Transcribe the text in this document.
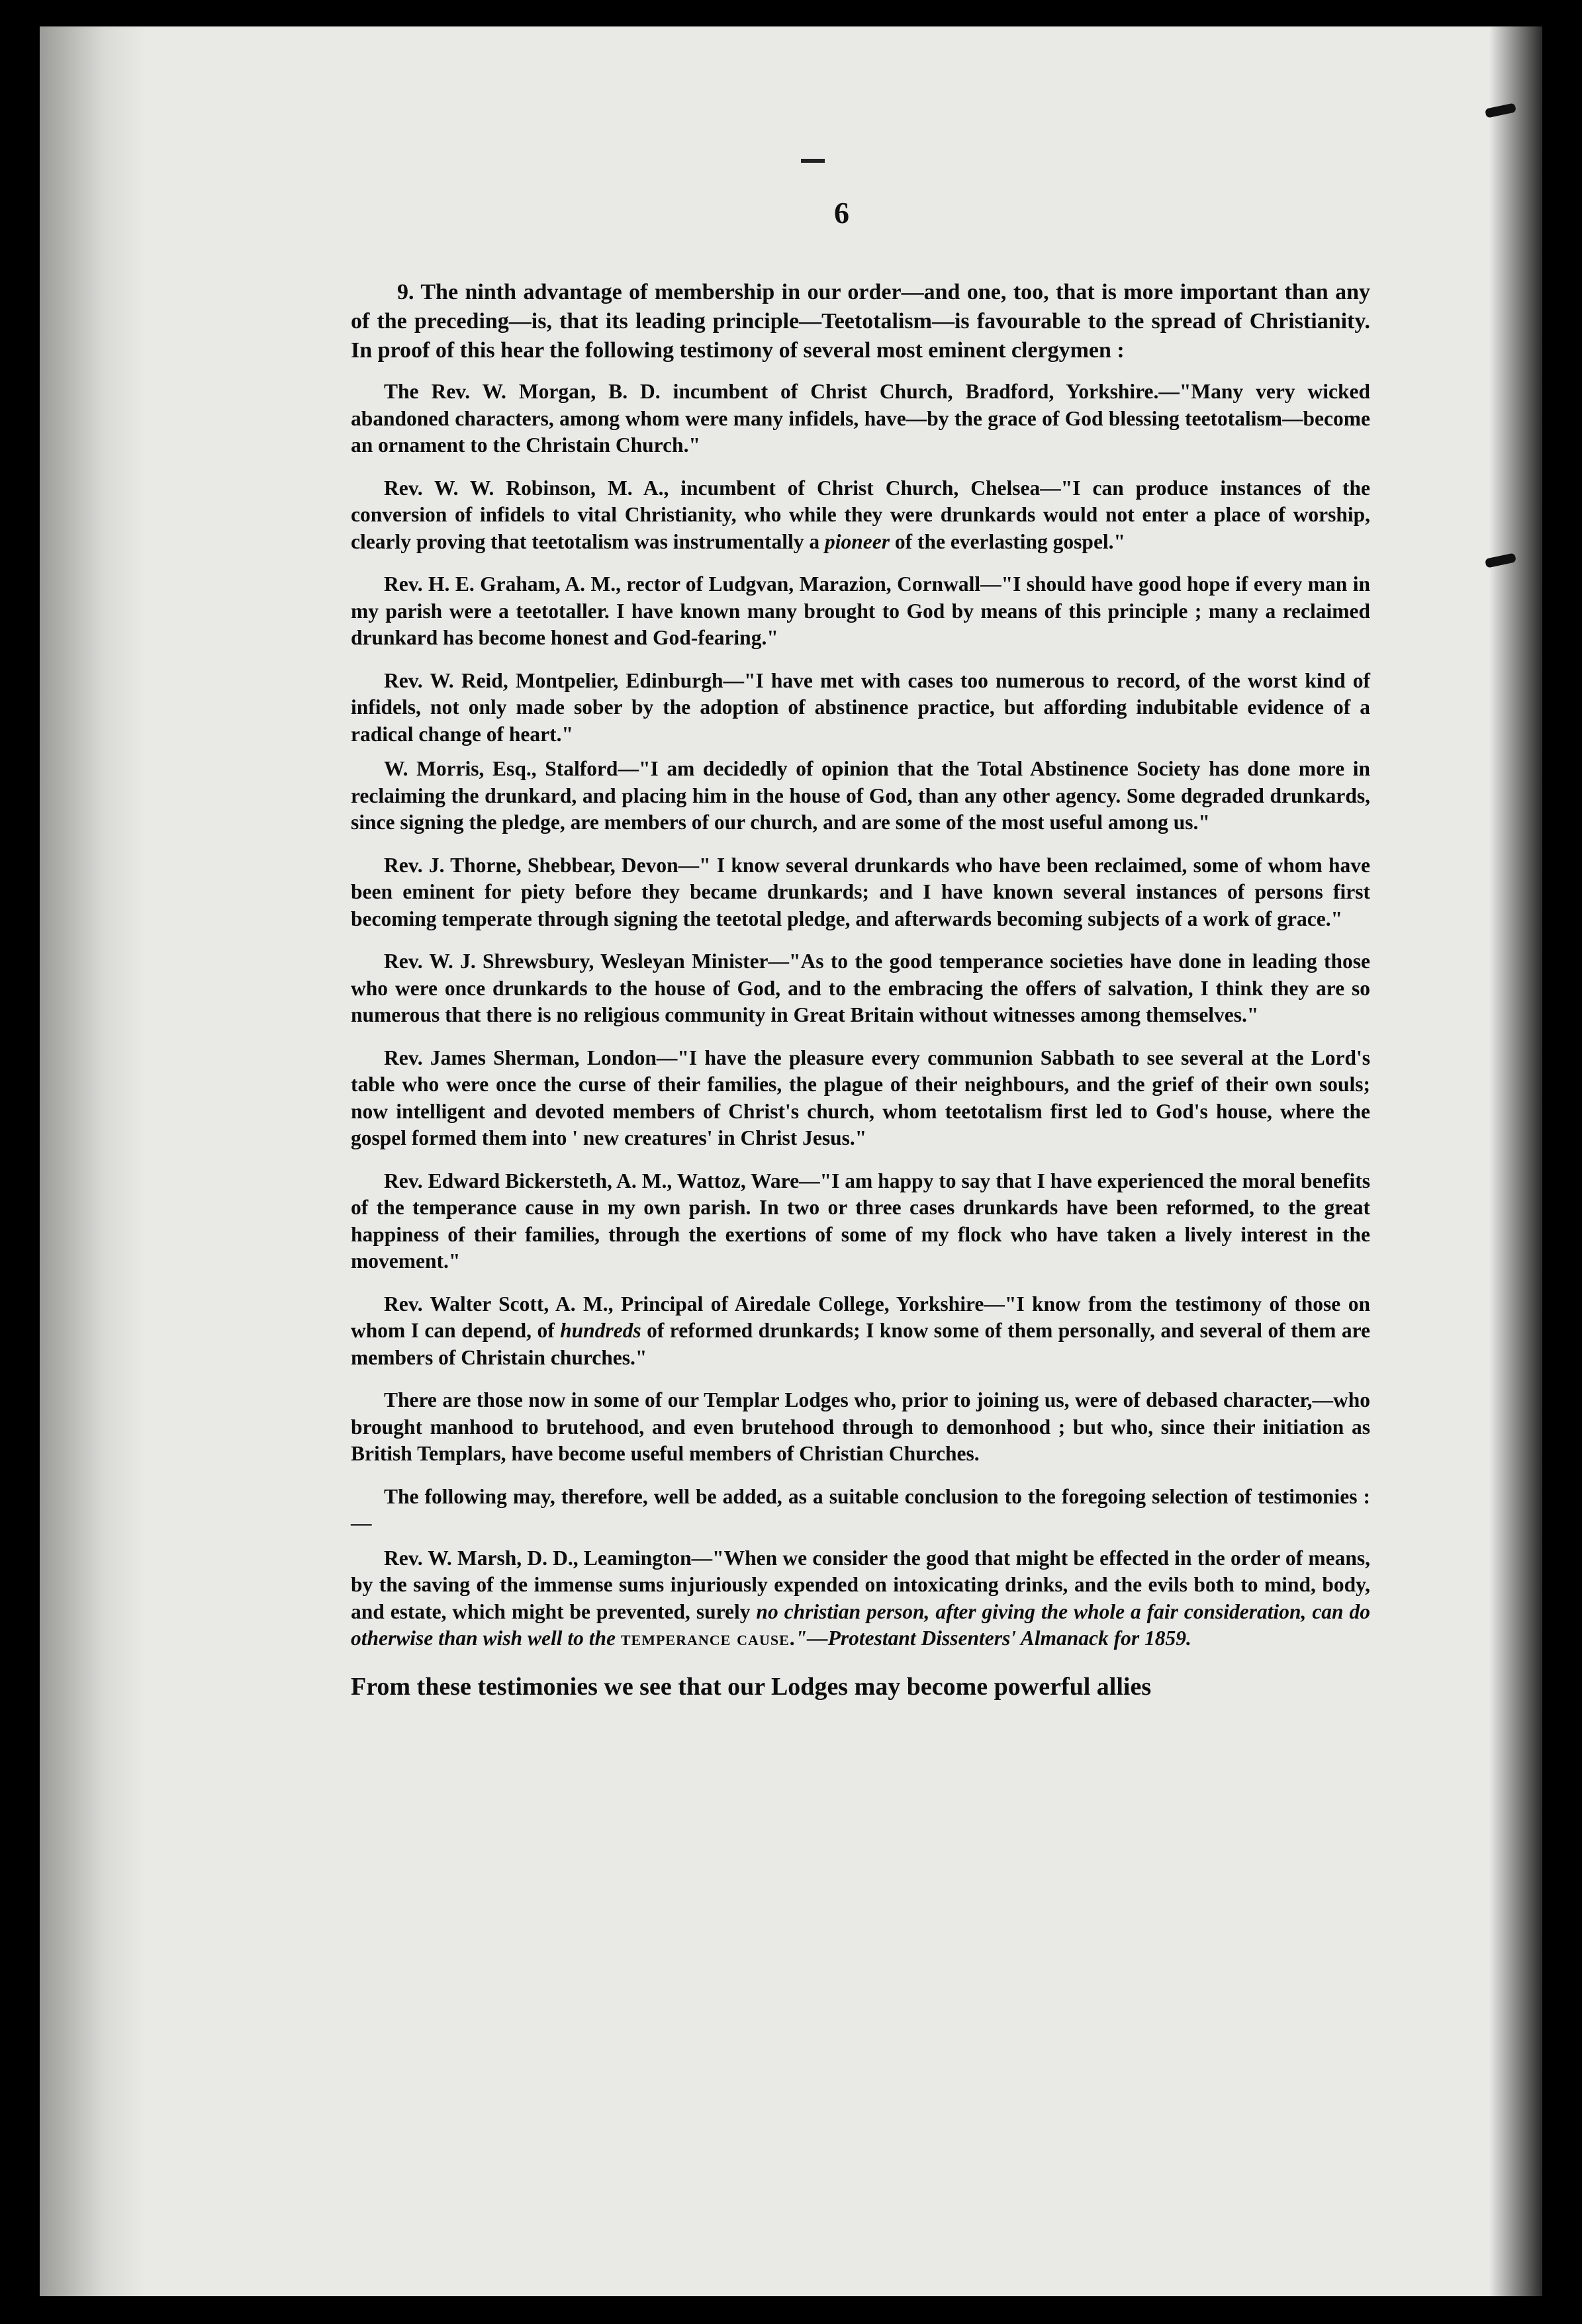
6

9. The ninth advantage of membership in our order—and one, too, that is more important than any of the preceding—is, that its leading principle—Teetotalism—is favourable to the spread of Christianity. In proof of this hear the following testimony of several most eminent clergymen :

The Rev. W. Morgan, B. D. incumbent of Christ Church, Bradford, Yorkshire.—"Many very wicked abandoned characters, among whom were many infidels, have—by the grace of God blessing teetotalism—become an ornament to the Christain Church."

Rev. W. W. Robinson, M. A., incumbent of Christ Church, Chelsea—"I can produce instances of the conversion of infidels to vital Christianity, who while they were drunkards would not enter a place of worship, clearly proving that teetotalism was instrumentally a pioneer of the everlasting gospel."

Rev. H. E. Graham, A. M., rector of Ludgvan, Marazion, Cornwall—"I should have good hope if every man in my parish were a teetotaller. I have known many brought to God by means of this principle ; many a reclaimed drunkard has become honest and God-fearing."

Rev. W. Reid, Montpelier, Edinburgh—"I have met with cases too numerous to record, of the worst kind of infidels, not only made sober by the adoption of abstinence practice, but affording indubitable evidence of a radical change of heart."

W. Morris, Esq., Stalford—"I am decidedly of opinion that the Total Abstinence Society has done more in reclaiming the drunkard, and placing him in the house of God, than any other agency. Some degraded drunkards, since signing the pledge, are members of our church, and are some of the most useful among us."

Rev. J. Thorne, Shebbear, Devon—" I know several drunkards who have been reclaimed, some of whom have been eminent for piety before they became drunkards; and I have known several instances of persons first becoming temperate through signing the teetotal pledge, and afterwards becoming subjects of a work of grace."

Rev. W. J. Shrewsbury, Wesleyan Minister—"As to the good temperance societies have done in leading those who were once drunkards to the house of God, and to the embracing the offers of salvation, I think they are so numerous that there is no religious community in Great Britain without witnesses among themselves."

Rev. James Sherman, London—"I have the pleasure every communion Sabbath to see several at the Lord's table who were once the curse of their families, the plague of their neighbours, and the grief of their own souls; now intelligent and devoted members of Christ's church, whom teetotalism first led to God's house, where the gospel formed them into ' new creatures' in Christ Jesus."

Rev. Edward Bickersteth, A. M., Wattoz, Ware—"I am happy to say that I have experienced the moral benefits of the temperance cause in my own parish. In two or three cases drunkards have been reformed, to the great happiness of their families, through the exertions of some of my flock who have taken a lively interest in the movement."

Rev. Walter Scott, A. M., Principal of Airedale College, Yorkshire—"I know from the testimony of those on whom I can depend, of hundreds of reformed drunkards; I know some of them personally, and several of them are members of Christain churches."

There are those now in some of our Templar Lodges who, prior to joining us, were of debased character,—who brought manhood to brutehood, and even brutehood through to demonhood ; but who, since their initiation as British Templars, have become useful members of Christian Churches.

The following may, therefore, well be added, as a suitable conclusion to the foregoing selection of testimonies :—

Rev. W. Marsh, D. D., Leamington—"When we consider the good that might be effected in the order of means, by the saving of the immense sums injuriously expended on intoxicating drinks, and the evils both to mind, body, and estate, which might be prevented, surely no christian person, after giving the whole a fair consideration, can do otherwise than wish well to the temperance cause."—Protestant Dissenters' Almanack for 1859.

From these testimonies we see that our Lodges may become powerful allies
